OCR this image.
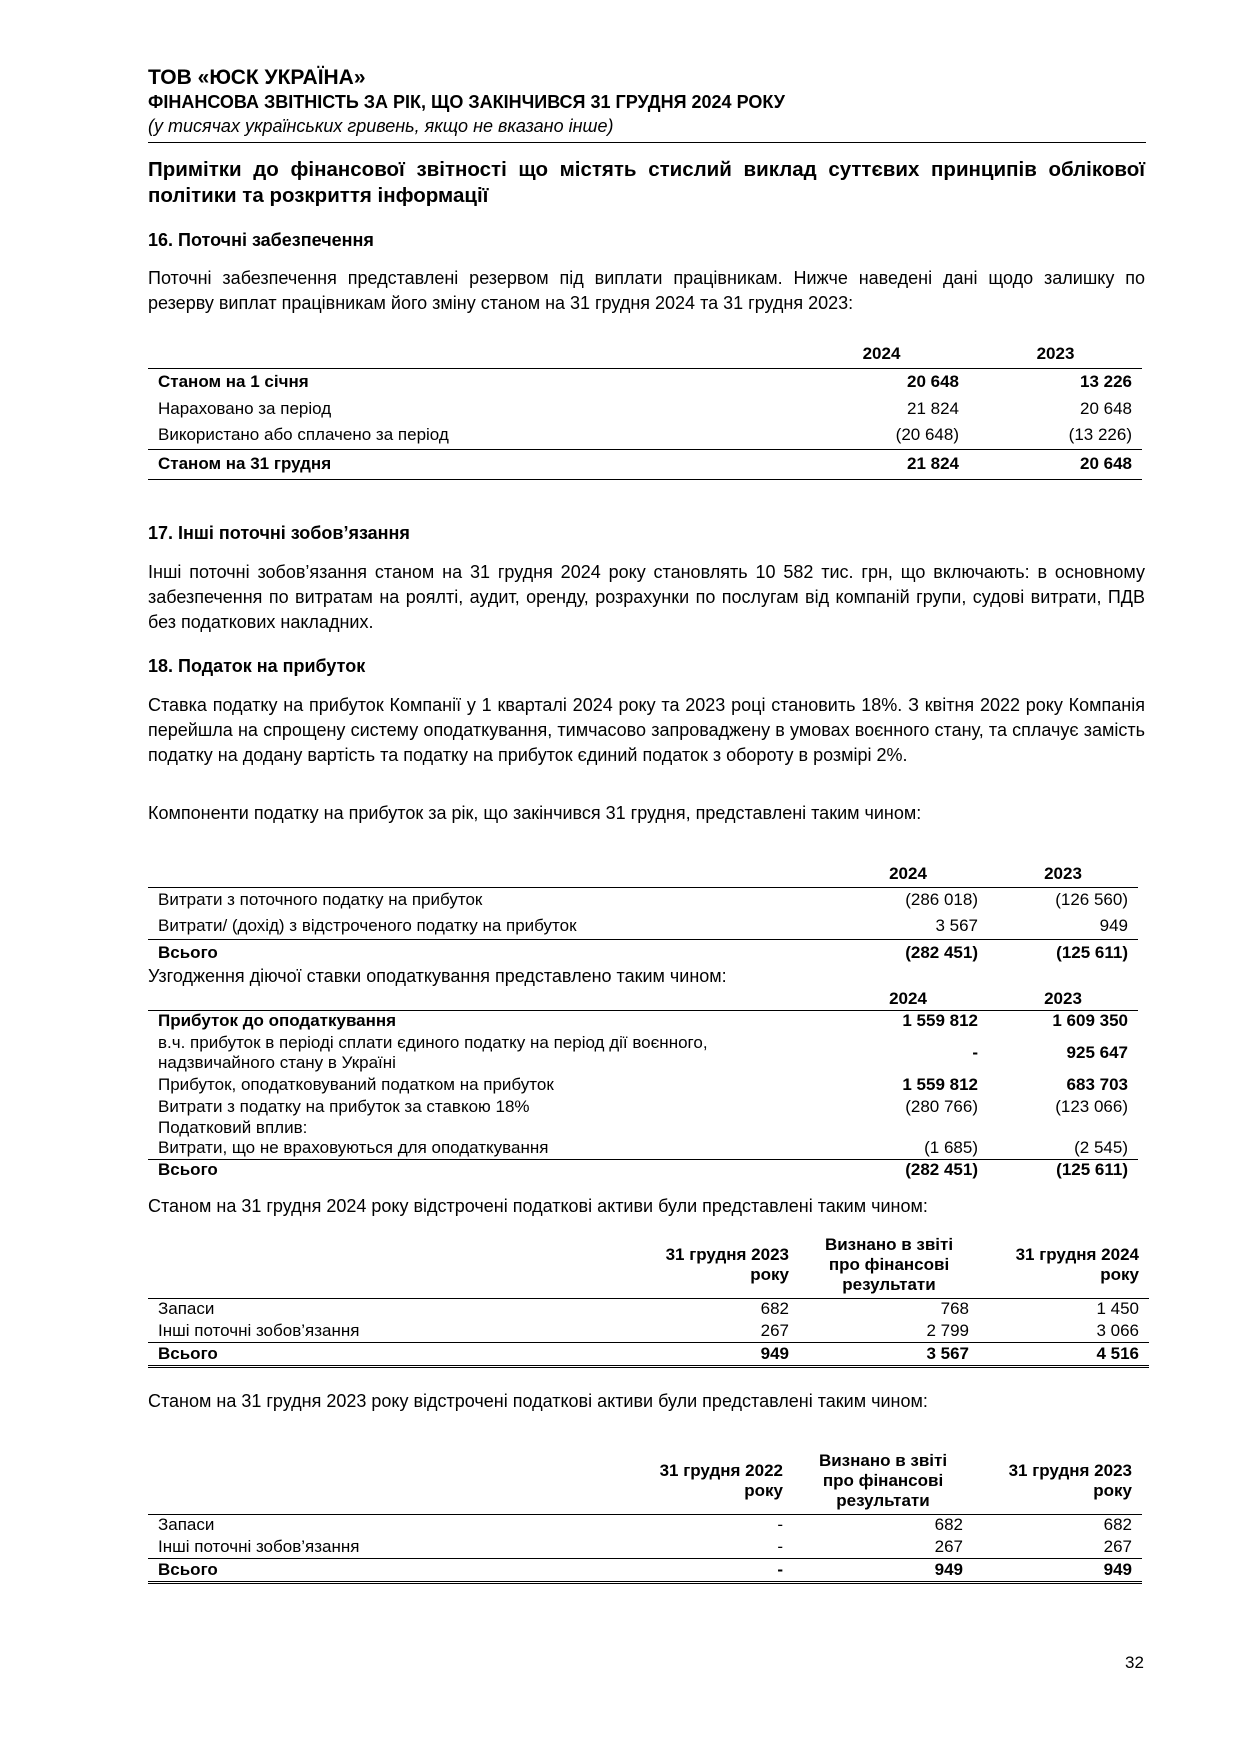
ТОВ «ЮСК УКРАЇНА»
ФІНАНСОВА ЗВІТНІСТЬ ЗА РІК, ЩО ЗАКІНЧИВСЯ 31 ГРУДНЯ 2024 РОКУ
(у тисячах українських гривень, якщо не вказано інше)
Примітки до фінансової звітності що містять стислий виклад суттєвих принципів облікової політики та розкриття інформації
16. Поточні забезпечення
Поточні забезпечення представлені резервом під виплати працівникам. Нижче наведені дані щодо залишку по резерву виплат працівникам його зміну станом на 31 грудня 2024 та 31 грудня 2023:
	2024	2023
Станом на 1 січня	20 648	13 226
Нараховано за період	21 824	20 648
Використано або сплачено за період	(20 648)	(13 226)
Станом на 31 грудня	21 824	20 648
17. Інші поточні зобов’язання
Інші поточні зобов’язання станом на 31 грудня 2024 року становлять 10 582 тис. грн, що включають: в основному забезпечення по витратам на роялті, аудит, оренду, розрахунки по послугам від компаній групи, судові витрати, ПДВ без податкових накладних.
18. Податок на прибуток
Ставка податку на прибуток Компанії у 1 кварталі 2024 року та 2023 році становить 18%. З квітня 2022 року Компанія перейшла на спрощену систему оподаткування, тимчасово запроваджену в умовах воєнного стану, та сплачує замість податку на додану вартість та податку на прибуток єдиний податок з обороту в розмірі 2%.
Компоненти податку на прибуток за рік, що закінчився 31 грудня, представлені таким чином:
	2024	2023
Витрати з поточного податку на прибуток	(286 018)	(126 560)
Витрати/ (дохід) з відстроченого податку на прибуток	3 567	949
Всього	(282 451)	(125 611)
Узгодження діючої ставки оподаткування представлено таким чином:
	2024	2023
Прибуток до оподаткування	1 559 812	1 609 350
в.ч. прибуток в періоді сплати єдиного податку на період дії воєнного, надзвичайного стану в Україні	-	925 647
Прибуток, оподатковуваний податком на прибуток	1 559 812	683 703
Витрати з податку на прибуток за ставкою 18%	(280 766)	(123 066)
Податковий вплив:		
Витрати, що не враховуються для оподаткування	(1 685)	(2 545)
Всього	(282 451)	(125 611)
Станом на 31 грудня 2024 року відстрочені податкові активи були представлені таким чином:
	31 грудня 2023 року	Визнано в звіті про фінансові результати	31 грудня 2024 року
Запаси	682	768	1 450
Інші поточні зобов’язання	267	2 799	3 066
Всього	949	3 567	4 516
Станом на 31 грудня 2023 року відстрочені податкові активи були представлені таким чином:
	31 грудня 2022 року	Визнано в звіті про фінансові результати	31 грудня 2023 року
Запаси	-	682	682
Інші поточні зобов’язання	-	267	267
Всього	-	949	949
32
